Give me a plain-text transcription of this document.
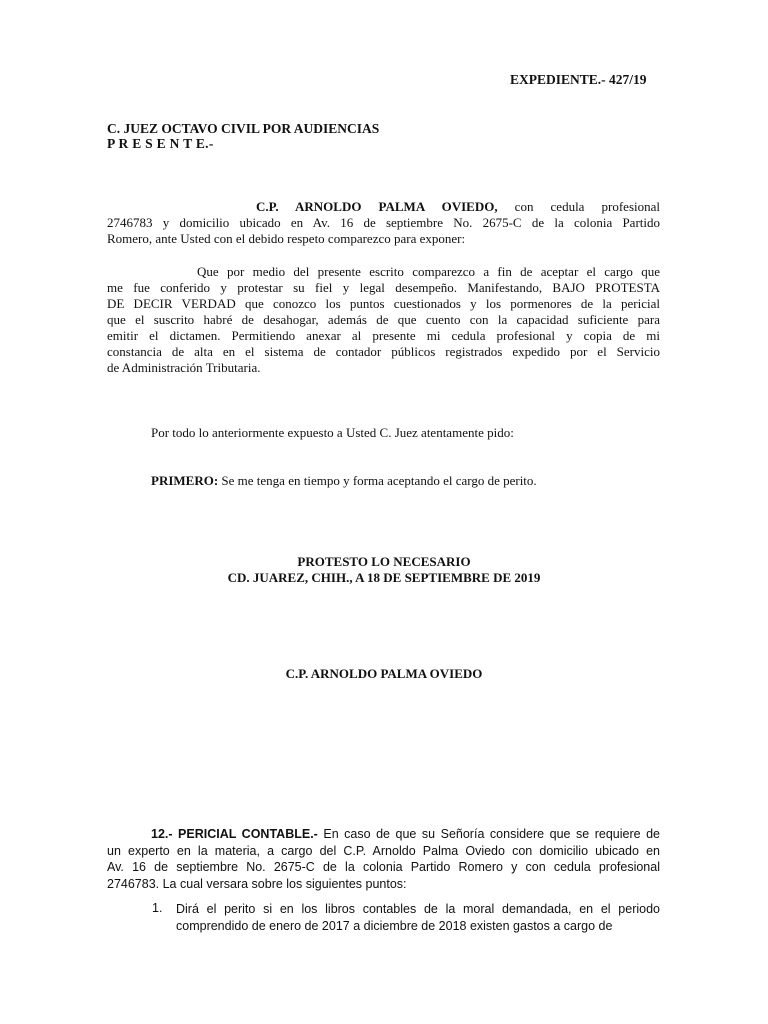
EXPEDIENTE.- 427/19
C. JUEZ OCTAVO CIVIL POR AUDIENCIAS
P R E S E N T E.-
C.P. ARNOLDO PALMA OVIEDO, con cedula profesional
2746783 y domicilio ubicado en Av. 16 de septiembre No. 2675-C de la colonia Partido
Romero, ante Usted con el debido respeto comparezco para exponer:
Que por medio del presente escrito comparezco a fin de aceptar el cargo que
me fue conferido y protestar su fiel y legal desempeño. Manifestando, BAJO PROTESTA
DE DECIR VERDAD que conozco los puntos cuestionados y los pormenores de la pericial
que el suscrito habré de desahogar, además de que cuento con la capacidad suficiente para
emitir el dictamen. Permitiendo anexar al presente mi cedula profesional y copia de mi
constancia de alta en el sistema de contador públicos registrados expedido por el Servicio
de Administración Tributaria.
Por todo lo anteriormente expuesto a Usted C. Juez atentamente pido:
PRIMERO: Se me tenga en tiempo y forma aceptando el cargo de perito.
PROTESTO LO NECESARIO
CD. JUAREZ, CHIH., A 18 DE SEPTIEMBRE DE 2019
C.P. ARNOLDO PALMA OVIEDO
12.- PERICIAL CONTABLE.- En caso de que su Señoría considere que se requiere de
un experto en la materia, a cargo del C.P. Arnoldo Palma Oviedo con domicilio ubicado en
Av. 16 de septiembre No. 2675-C de la colonia Partido Romero y con cedula profesional
2746783. La cual versara sobre los siguientes puntos:
1. Dirá el perito si en los libros contables de la moral demandada, en el periodo
comprendido de enero de 2017 a diciembre de 2018 existen gastos a cargo de
